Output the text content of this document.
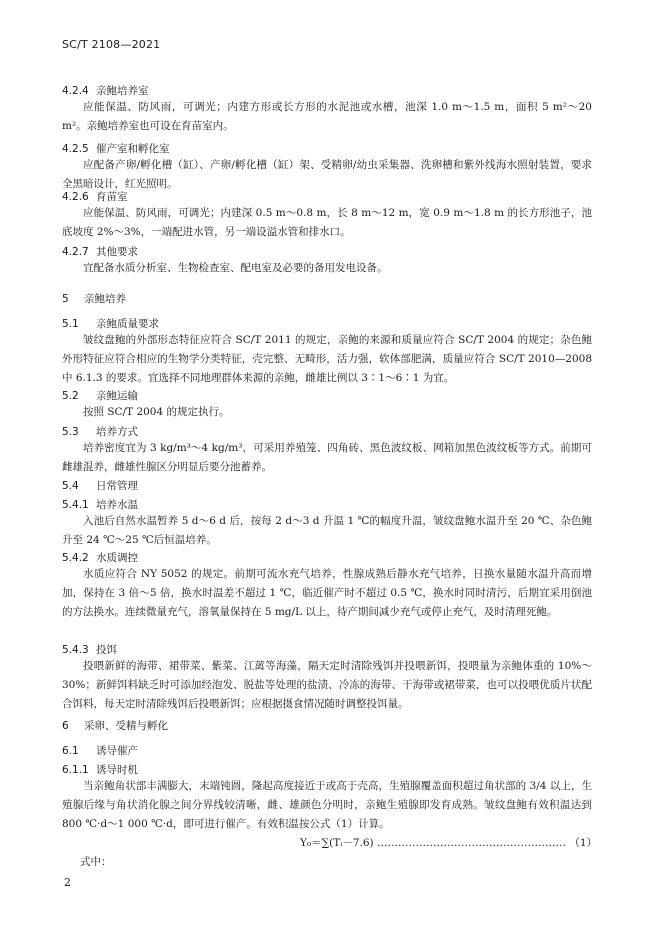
SC/T 2108—2021
4.2.4 亲鲍培养室
应能保温、防风雨，可调光；内建方形或长方形的水泥池或水槽，池深 1.0 m～1.5 m，面积 5 m²～20 m²。亲鲍培养室也可设在育苗室内。
4.2.5 催产室和孵化室
应配备产卵/孵化槽（缸）、产卵/孵化槽（缸）架、受精卵/幼虫采集器、洗卵槽和紫外线海水照射装置，要求全黑暗设计，红光照明。
4.2.6 育苗室
应能保温、防风雨，可调光；内建深 0.5 m～0.8 m，长 8 m～12 m，宽 0.9 m～1.8 m 的长方形池子，池底坡度 2%～3%，一端配进水管，另一端设溢水管和排水口。
4.2.7 其他要求
宜配备水质分析室、生物检查室、配电室及必要的备用发电设备。
5 亲鲍培养
5.1 亲鲍质量要求
皱纹盘鲍的外部形态特征应符合 SC/T 2011 的规定，亲鲍的来源和质量应符合 SC/T 2004 的规定；杂色鲍外形特征应符合相应的生物学分类特征，壳完整、无畸形，活力强，软体部肥满，质量应符合 SC/T 2010—2008 中 6.1.3 的要求。宜选择不同地理群体来源的亲鲍，雌雄比例以 3∶1～6∶1 为宜。
5.2 亲鲍运输
按照 SC/T 2004 的规定执行。
5.3 培养方式
培养密度宜为 3 kg/m³～4 kg/m³，可采用养殖笼、四角砖、黑色波纹板、网箱加黑色波纹板等方式。前期可雌雄混养，雌雄性腺区分明显后要分池蓄养。
5.4 日常管理
5.4.1 培养水温
入池后自然水温暂养 5 d～6 d 后，按每 2 d～3 d 升温 1 ℃的幅度升温，皱纹盘鲍水温升至 20 ℃、杂色鲍升至 24 ℃～25 ℃后恒温培养。
5.4.2 水质调控
水质应符合 NY 5052 的规定。前期可流水充气培养，性腺成熟后静水充气培养，日换水量随水温升高而增加，保持在 3 倍～5 倍，换水时温差不超过 1 ℃，临近催产时不超过 0.5 ℃，换水时同时清污，后期宜采用倒池的方法换水。连续微量充气，溶氧量保持在 5 mg/L 以上，待产期间减少充气或停止充气，及时清理死鲍。
5.4.3 投饵
投喂新鲜的海带、裙带菜、紫菜、江蓠等海藻，隔天定时清除残饵并投喂新饵，投喂量为亲鲍体重的 10%～30%；新鲜饵料缺乏时可添加经泡发、脱盐等处理的盐渍、冷冻的海带、干海带或裙带菜，也可以投喂优质片状配合饵料，每天定时清除残饵后投喂新饵；应根据摄食情况随时调整投饵量。
6 采卵、受精与孵化
6.1 诱导催产
6.1.1 诱导时机
当亲鲍角状部丰满膨大，末端钝圆，隆起高度接近于或高于壳高，生殖腺覆盖面积超过角状部的 3/4 以上，生殖腺后缘与角状消化腺之间分界线较清晰，雌、雄颜色分明时，亲鲍生殖腺即发育成熟。皱纹盘鲍有效积温达到 800 ℃·d～1 000 ℃·d，即可进行催产。有效积温按公式（1）计算。
Y₀＝∑(Tᵢ－7.6) ……………………………………………… （1）
式中：
2
